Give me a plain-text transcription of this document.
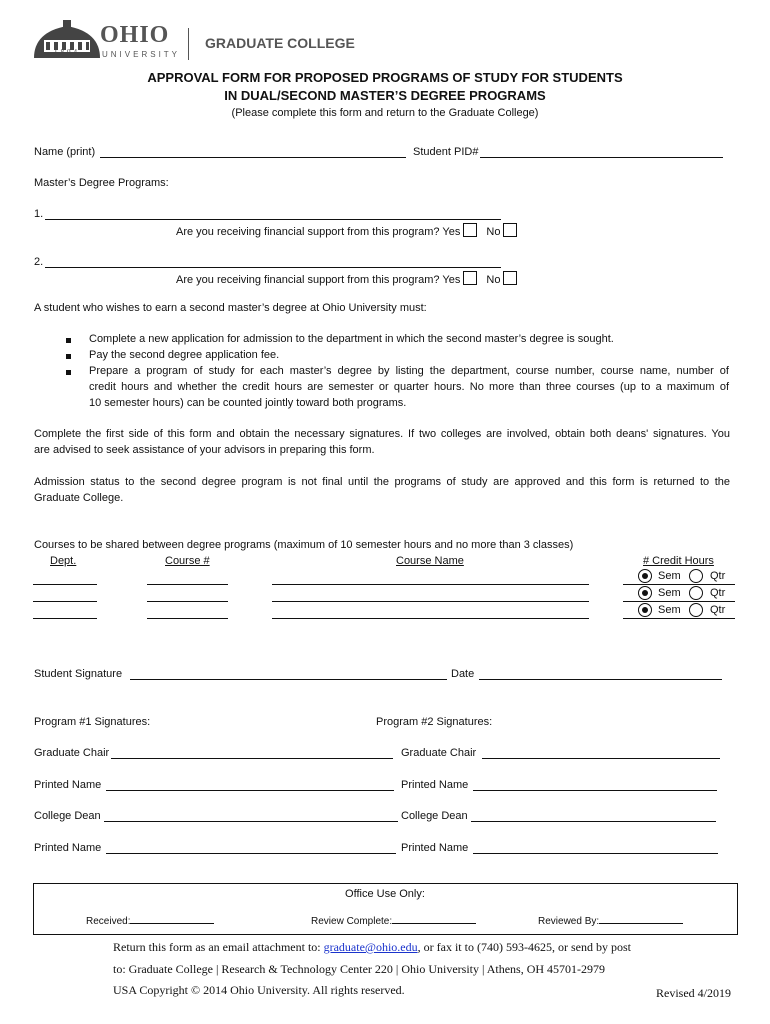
1804
OHIO
UNIVERSITY
GRADUATE COLLEGE
APPROVAL FORM FOR PROPOSED PROGRAMS OF STUDY FOR STUDENTS
IN DUAL/SECOND MASTER’S DEGREE PROGRAMS
(Please complete this form and return to the Graduate College)
Name (print)	Student PID#
Master’s Degree Programs:
1.
Are you receiving financial support from this program? Yes No
2.
Are you receiving financial support from this program? Yes No
A student who wishes to earn a second master’s degree at Ohio University must:
Complete a new application for admission to the department in which the second master’s degree is sought.
Pay the second degree application fee.
Prepare a program of study for each master’s degree by listing the department, course number, course name, number of
credit hours and whether the credit hours are semester or quarter hours. No more than three courses (up to a maximum of
10 semester hours) can be counted jointly toward both programs.
Complete the first side of this form and obtain the necessary signatures. If two colleges are involved, obtain both deans' signatures. You
are advised to seek assistance of your advisors in preparing this form.
Admission status to the second degree program is not final until the programs of study are approved and this form is returned to the
Graduate College.
Courses to be shared between degree programs (maximum of 10 semester hours and no more than 3 classes)
Dept.	Course #	Course Name	# Credit Hours
Sem	Qtr
Sem	Qtr
Sem	Qtr
Student Signature	Date
Program #1 Signatures:	Program #2 Signatures:
Graduate Chair	Graduate Chair
Printed Name	Printed Name
College Dean	College Dean
Printed Name	Printed Name
Office Use Only:
Received:	Review Complete:	Reviewed By:
Return this form as an email attachment to: graduate@ohio.edu, or fax it to (740) 593-4625, or send by post
to: Graduate College | Research & Technology Center 220 | Ohio University | Athens, OH 45701-2979
USA Copyright © 2014 Ohio University. All rights reserved.	Revised 4/2019
